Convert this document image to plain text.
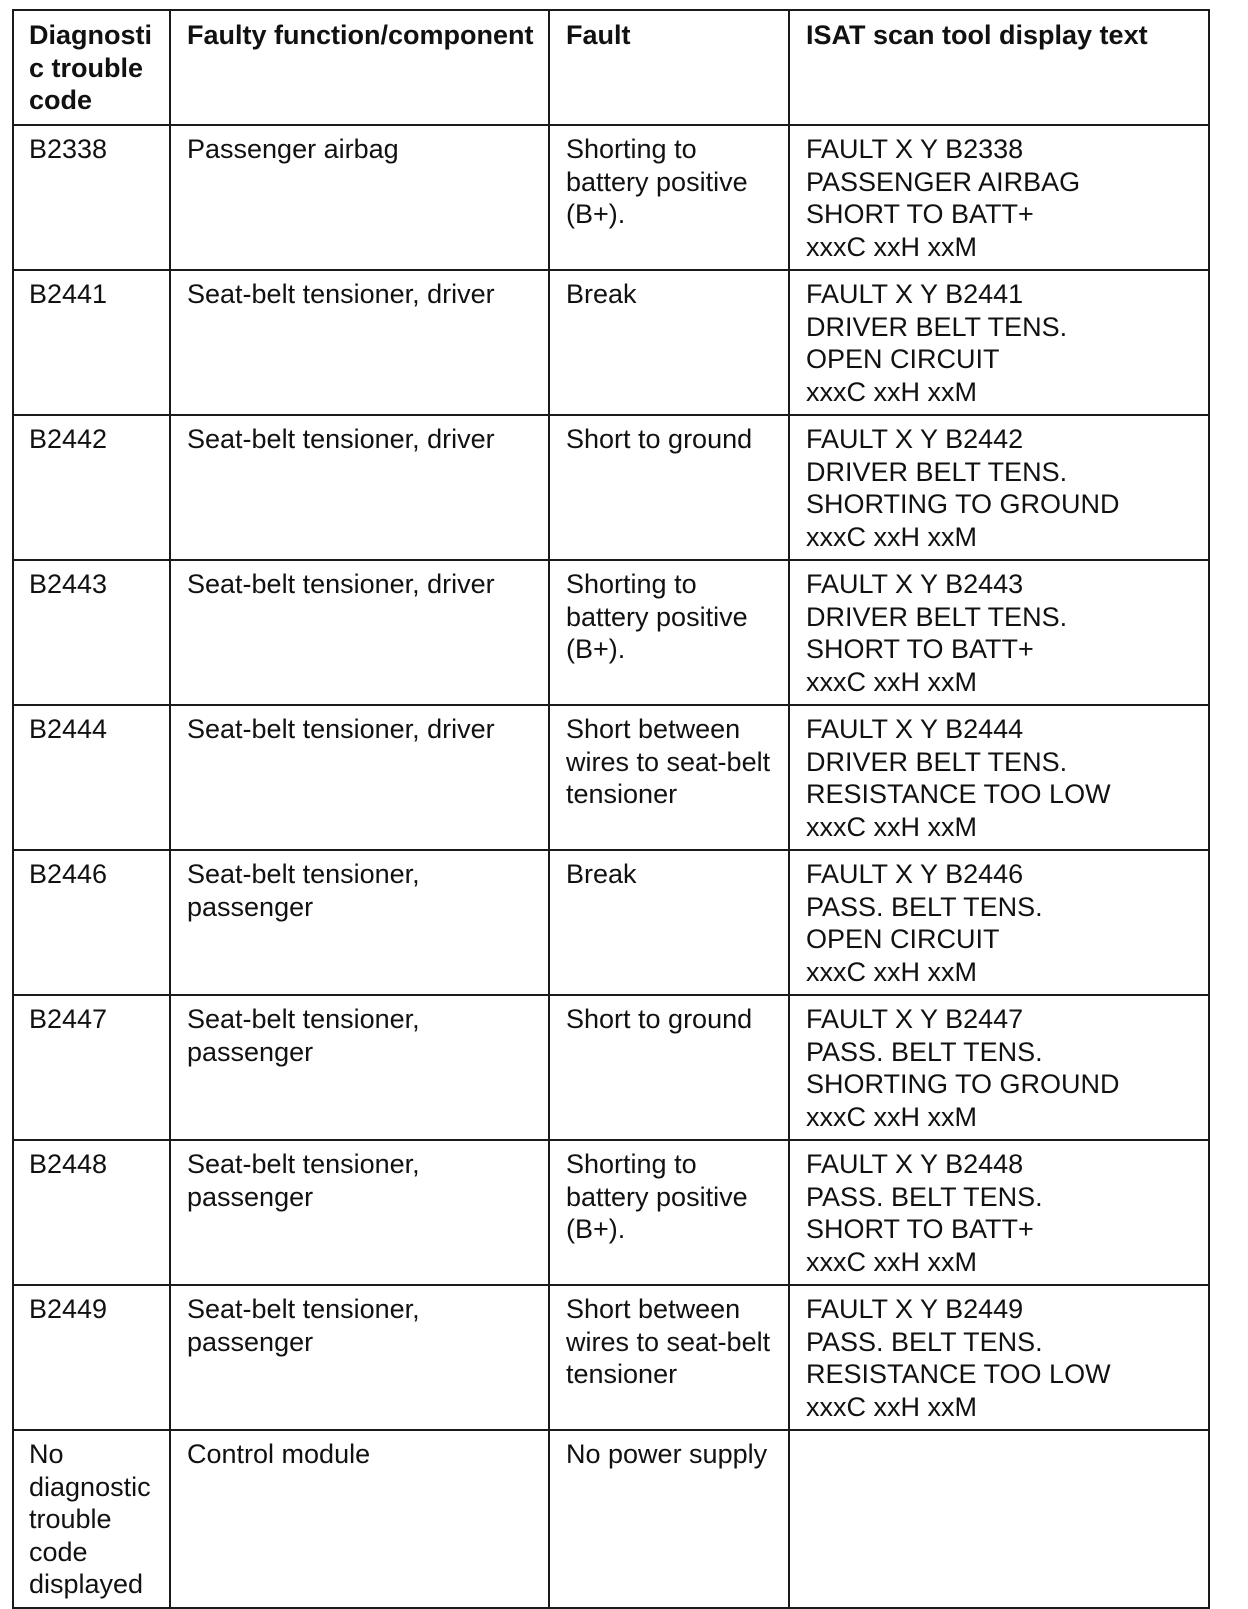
Diagnostic trouble code	Faulty function/component	Fault	ISAT scan tool display text
B2338	Passenger airbag	Shorting to
battery positive
(B+).	FAULT X Y B2338
PASSENGER AIRBAG
SHORT TO BATT+
xxxC xxH xxM

B2441	Seat-belt tensioner, driver	Break	FAULT X Y B2441
DRIVER BELT TENS.
OPEN CIRCUIT
xxxC xxH xxM

B2442	Seat-belt tensioner, driver	Short to ground	FAULT X Y B2442
DRIVER BELT TENS.
SHORTING TO GROUND
xxxC xxH xxM

B2443	Seat-belt tensioner, driver	Shorting to
battery positive
(B+).	FAULT X Y B2443
DRIVER BELT TENS.
SHORT TO BATT+
xxxC xxH xxM

B2444	Seat-belt tensioner, driver	Short between
wires to seat-belt
tensioner	FAULT X Y B2444
DRIVER BELT TENS.
RESISTANCE TOO LOW
xxxC xxH xxM

B2446	Seat-belt tensioner, passenger	Break	FAULT X Y B2446
PASS. BELT TENS.
OPEN CIRCUIT
xxxC xxH xxM

B2447	Seat-belt tensioner, passenger	Short to ground	FAULT X Y B2447
PASS. BELT TENS.
SHORTING TO GROUND
xxxC xxH xxM

B2448	Seat-belt tensioner, passenger	Shorting to
battery positive
(B+).	FAULT X Y B2448
PASS. BELT TENS.
SHORT TO BATT+
xxxC xxH xxM

B2449	Seat-belt tensioner, passenger	Short between
wires to seat-belt
tensioner	FAULT X Y B2449
PASS. BELT TENS.
RESISTANCE TOO LOW
xxxC xxH xxM

No diagnostic trouble code displayed	Control module	No power supply	
